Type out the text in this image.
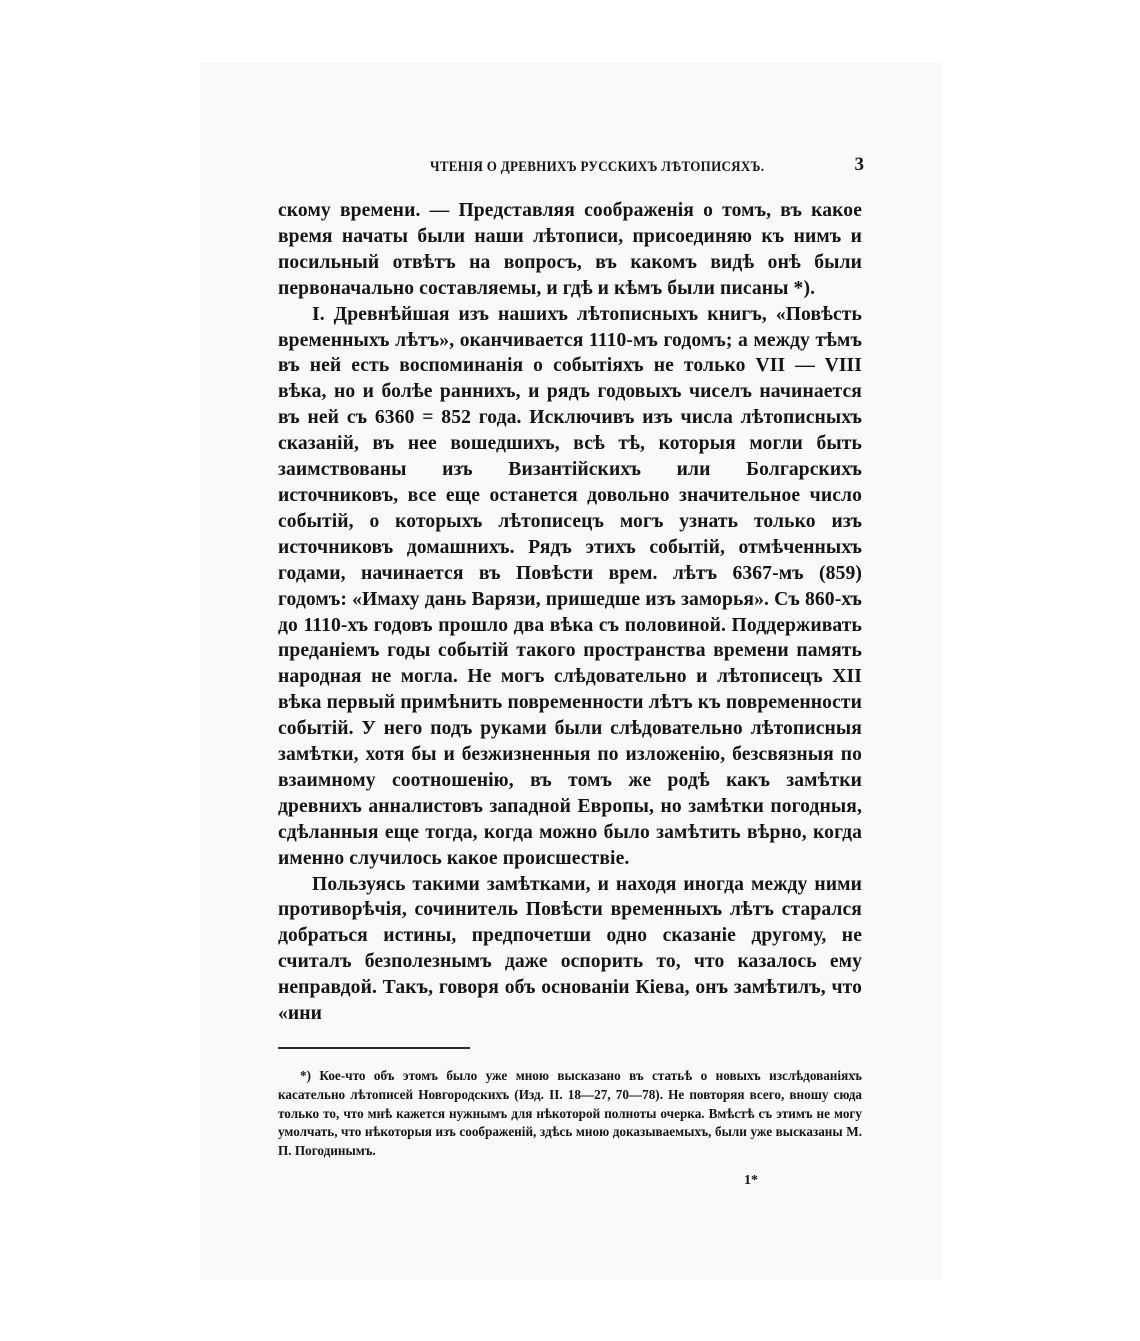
ЧТЕНІЯ О ДРЕВНИХЪ РУССКИХЪ ЛѢТОПИСЯХЪ.	3

скому времени. — Представляя соображенія о томъ, въ какое время начаты были наши лѣтописи, присоединяю къ нимъ и посильный отвѣтъ на вопросъ, въ какомъ видѣ онѣ были первоначально составляемы, и гдѣ и кѣмъ были писаны *).

I. Древнѣйшая изъ нашихъ лѣтописныхъ книгъ, «Повѣсть временныхъ лѣтъ», оканчивается 1110-мъ годомъ; а между тѣмъ въ ней есть воспоминанія о событіяхъ не только VII — VIII вѣка, но и болѣе раннихъ, и рядъ годовыхъ чиселъ начинается въ ней съ 6360 = 852 года. Исключивъ изъ числа лѣтописныхъ сказаній, въ нее вошедшихъ, всѣ тѣ, которыя могли быть заимствованы изъ Византійскихъ или Болгарскихъ источниковъ, все еще останется довольно значительное число событій, о которыхъ лѣтописецъ могъ узнать только изъ источниковъ домашнихъ. Рядъ этихъ событій, отмѣченныхъ годами, начинается въ Повѣсти врем. лѣтъ 6367-мъ (859) годомъ: «Имаху дань Варязи, пришедше изъ заморья». Съ 860-хъ до 1110-хъ годовъ прошло два вѣка съ половиной. Поддерживать преданіемъ годы событій такого пространства времени память народная не могла. Не могъ слѣдовательно и лѣтописецъ XII вѣка первый примѣнить повременности лѣтъ къ повременности событій. У него подъ руками были слѣдовательно лѣтописныя замѣтки, хотя бы и безжизненныя по изложенію, безсвязныя по взаимному соотношенію, въ томъ же родѣ какъ замѣтки древнихъ анналистовъ западной Европы, но замѣтки погодныя, сдѣланныя еще тогда, когда можно было замѣтить вѣрно, когда именно случилось какое происшествіе.

Пользуясь такими замѣтками, и находя иногда между ними противорѣчія, сочинитель Повѣсти временныхъ лѣтъ старался добраться истины, предпочетши одно сказаніе другому, не считалъ безполезнымъ даже оспорить то, что казалось ему неправдой. Такъ, говоря объ основаніи Кіева, онъ замѣтилъ, что «ини

*) Кое-что объ этомъ было уже мною высказано въ статьѣ о новыхъ изслѣдованіяхъ касательно лѣтописей Новгородскихъ (Изд. II. 18—27, 70—78). Не повторяя всего, вношу сюда только то, что мнѣ кажется нужнымъ для нѣкоторой полноты очерка. Вмѣстѣ съ этимъ не могу умолчать, что нѣкоторыя изъ соображеній, здѣсь мною доказываемыхъ, были уже высказаны М. П. Погодинымъ.

1*
